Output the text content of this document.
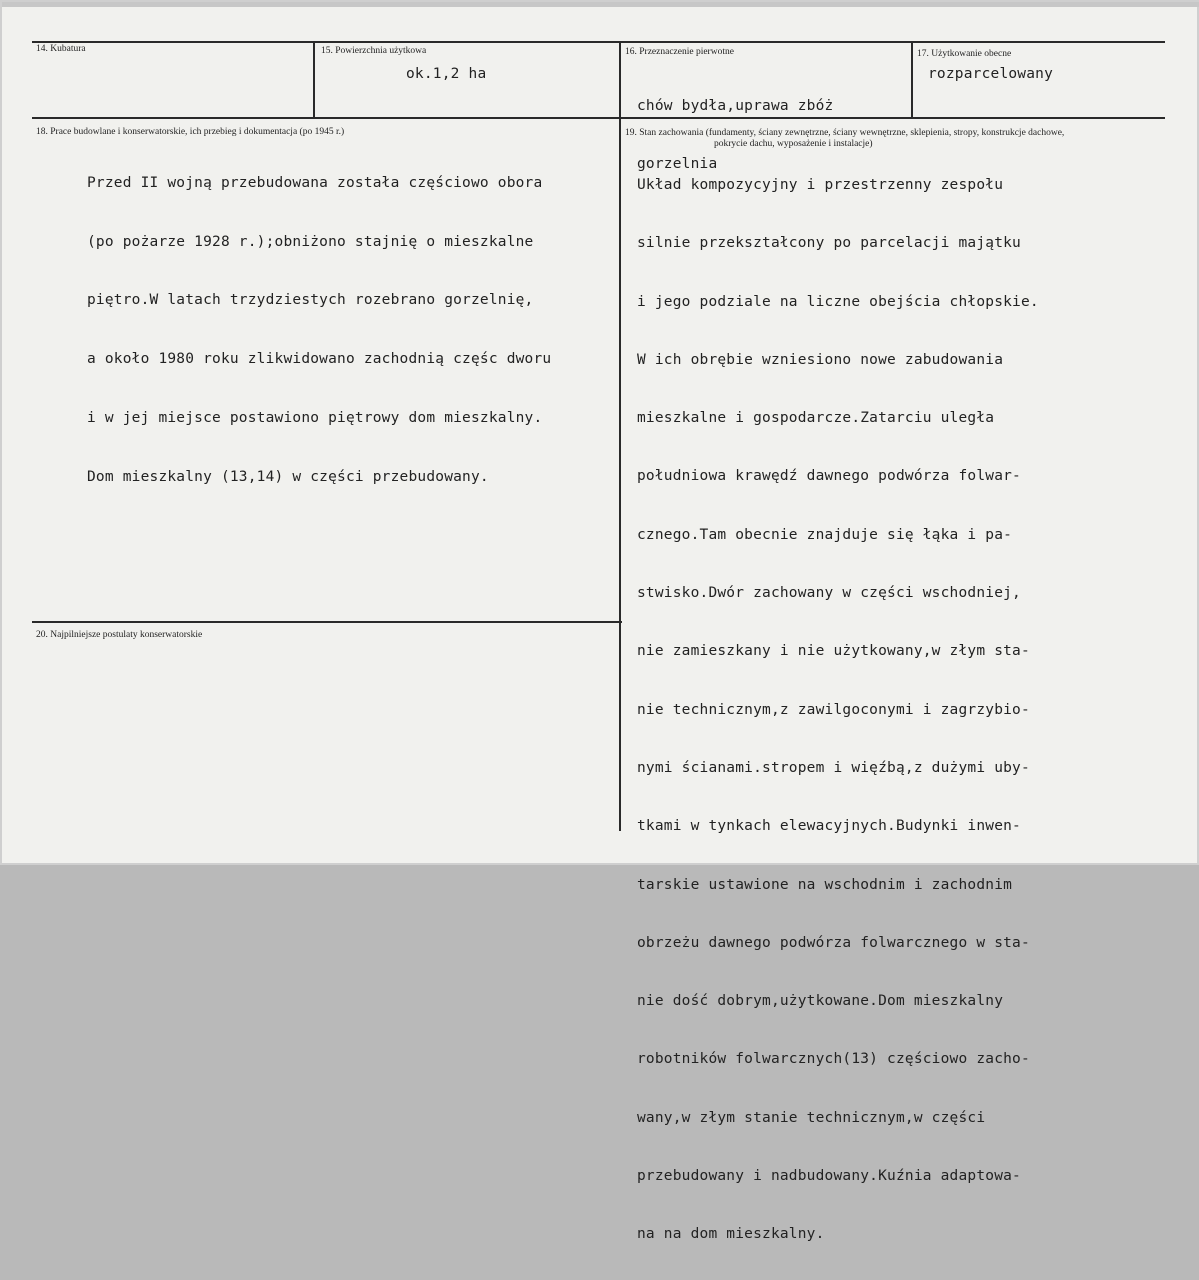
14. Kubatura	15. Powierzchnia użytkowa
ok.1,2 ha
16. Przeznaczenie pierwotne

chów bydła,uprawa zbóż

gorzelnia

17. Użytkowanie obecne
rozparcelowany
18. Prace budowlane i konserwatorskie, ich przebieg i dokumentacja (po 1945 r.)

Przed II wojną przebudowana została częściowo obora

(po pożarze 1928 r.);obniżono stajnię o mieszkalne

piętro.W latach trzydziestych rozebrano gorzelnię,

a około 1980 roku zlikwidowano zachodnią częśc dworu

i w jej miejsce postawiono piętrowy dom mieszkalny.

Dom mieszkalny (13,14) w części przebudowany.

19. Stan zachowania (fundamenty, ściany zewnętrzne, ściany wewnętrzne, sklepienia, stropy, konstrukcje dachowe,
pokrycie dachu, wyposażenie i instalacje)

Układ kompozycyjny i przestrzenny zespołu

silnie przekształcony po parcelacji majątku

i jego podziale na liczne obejścia chłopskie.

W ich obrębie wzniesiono nowe zabudowania

mieszkalne i gospodarcze.Zatarciu uległa

południowa krawędź dawnego podwórza folwar-

cznego.Tam obecnie znajduje się łąka i pa-

stwisko.Dwór zachowany w części wschodniej,

nie zamieszkany i nie użytkowany,w złym sta-

nie technicznym,z zawilgoconymi i zagrzybio-

nymi ścianami.stropem i więźbą,z dużymi uby-

tkami w tynkach elewacyjnych.Budynki inwen-

tarskie ustawione na wschodnim i zachodnim

obrzeżu dawnego podwórza folwarcznego w sta-

nie dość dobrym,użytkowane.Dom mieszkalny

robotników folwarcznych(13) częściowo zacho-

wany,w złym stanie technicznym,w części

przebudowany i nadbudowany.Kuźnia adaptowa-

na na dom mieszkalny.

20. Najpilniejsze postulaty konserwatorskie
